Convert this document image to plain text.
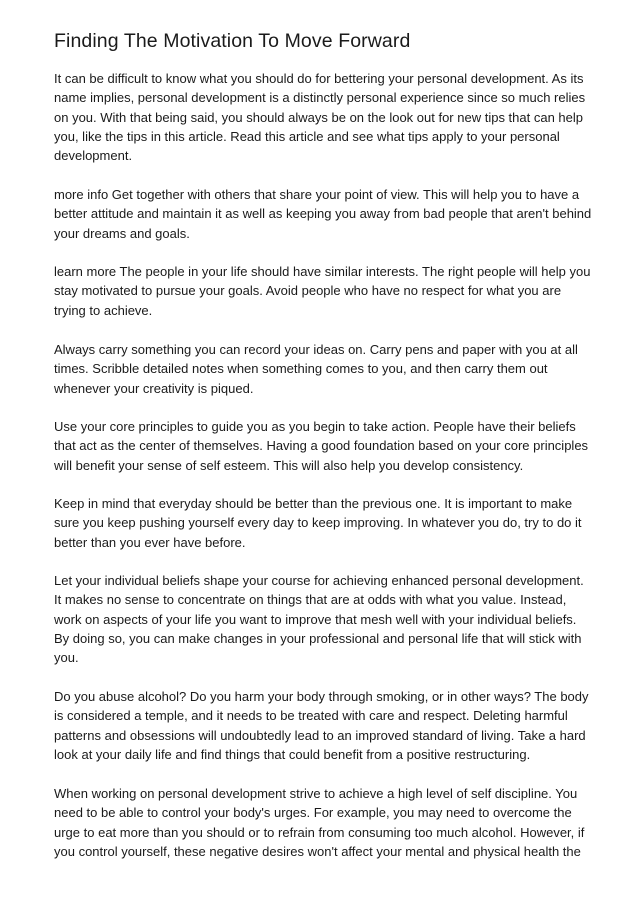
Finding The Motivation To Move Forward

It can be difficult to know what you should do for bettering your personal development. As its name implies, personal development is a distinctly personal experience since so much relies on you. With that being said, you should always be on the look out for new tips that can help you, like the tips in this article. Read this article and see what tips apply to your personal development.

more info Get together with others that share your point of view. This will help you to have a better attitude and maintain it as well as keeping you away from bad people that aren't behind your dreams and goals.

learn more The people in your life should have similar interests. The right people will help you stay motivated to pursue your goals. Avoid people who have no respect for what you are trying to achieve.

Always carry something you can record your ideas on. Carry pens and paper with you at all times. Scribble detailed notes when something comes to you, and then carry them out whenever your creativity is piqued.

Use your core principles to guide you as you begin to take action. People have their beliefs that act as the center of themselves. Having a good foundation based on your core principles will benefit your sense of self esteem. This will also help you develop consistency.

Keep in mind that everyday should be better than the previous one. It is important to make sure you keep pushing yourself every day to keep improving. In whatever you do, try to do it better than you ever have before.

Let your individual beliefs shape your course for achieving enhanced personal development. It makes no sense to concentrate on things that are at odds with what you value. Instead, work on aspects of your life you want to improve that mesh well with your individual beliefs. By doing so, you can make changes in your professional and personal life that will stick with you.

Do you abuse alcohol? Do you harm your body through smoking, or in other ways? The body is considered a temple, and it needs to be treated with care and respect. Deleting harmful patterns and obsessions will undoubtedly lead to an improved standard of living. Take a hard look at your daily life and find things that could benefit from a positive restructuring.

When working on personal development strive to achieve a high level of self discipline. You need to be able to control your body's urges. For example, you may need to overcome the urge to eat more than you should or to refrain from consuming too much alcohol. However, if you control yourself, these negative desires won't affect your mental and physical health the
